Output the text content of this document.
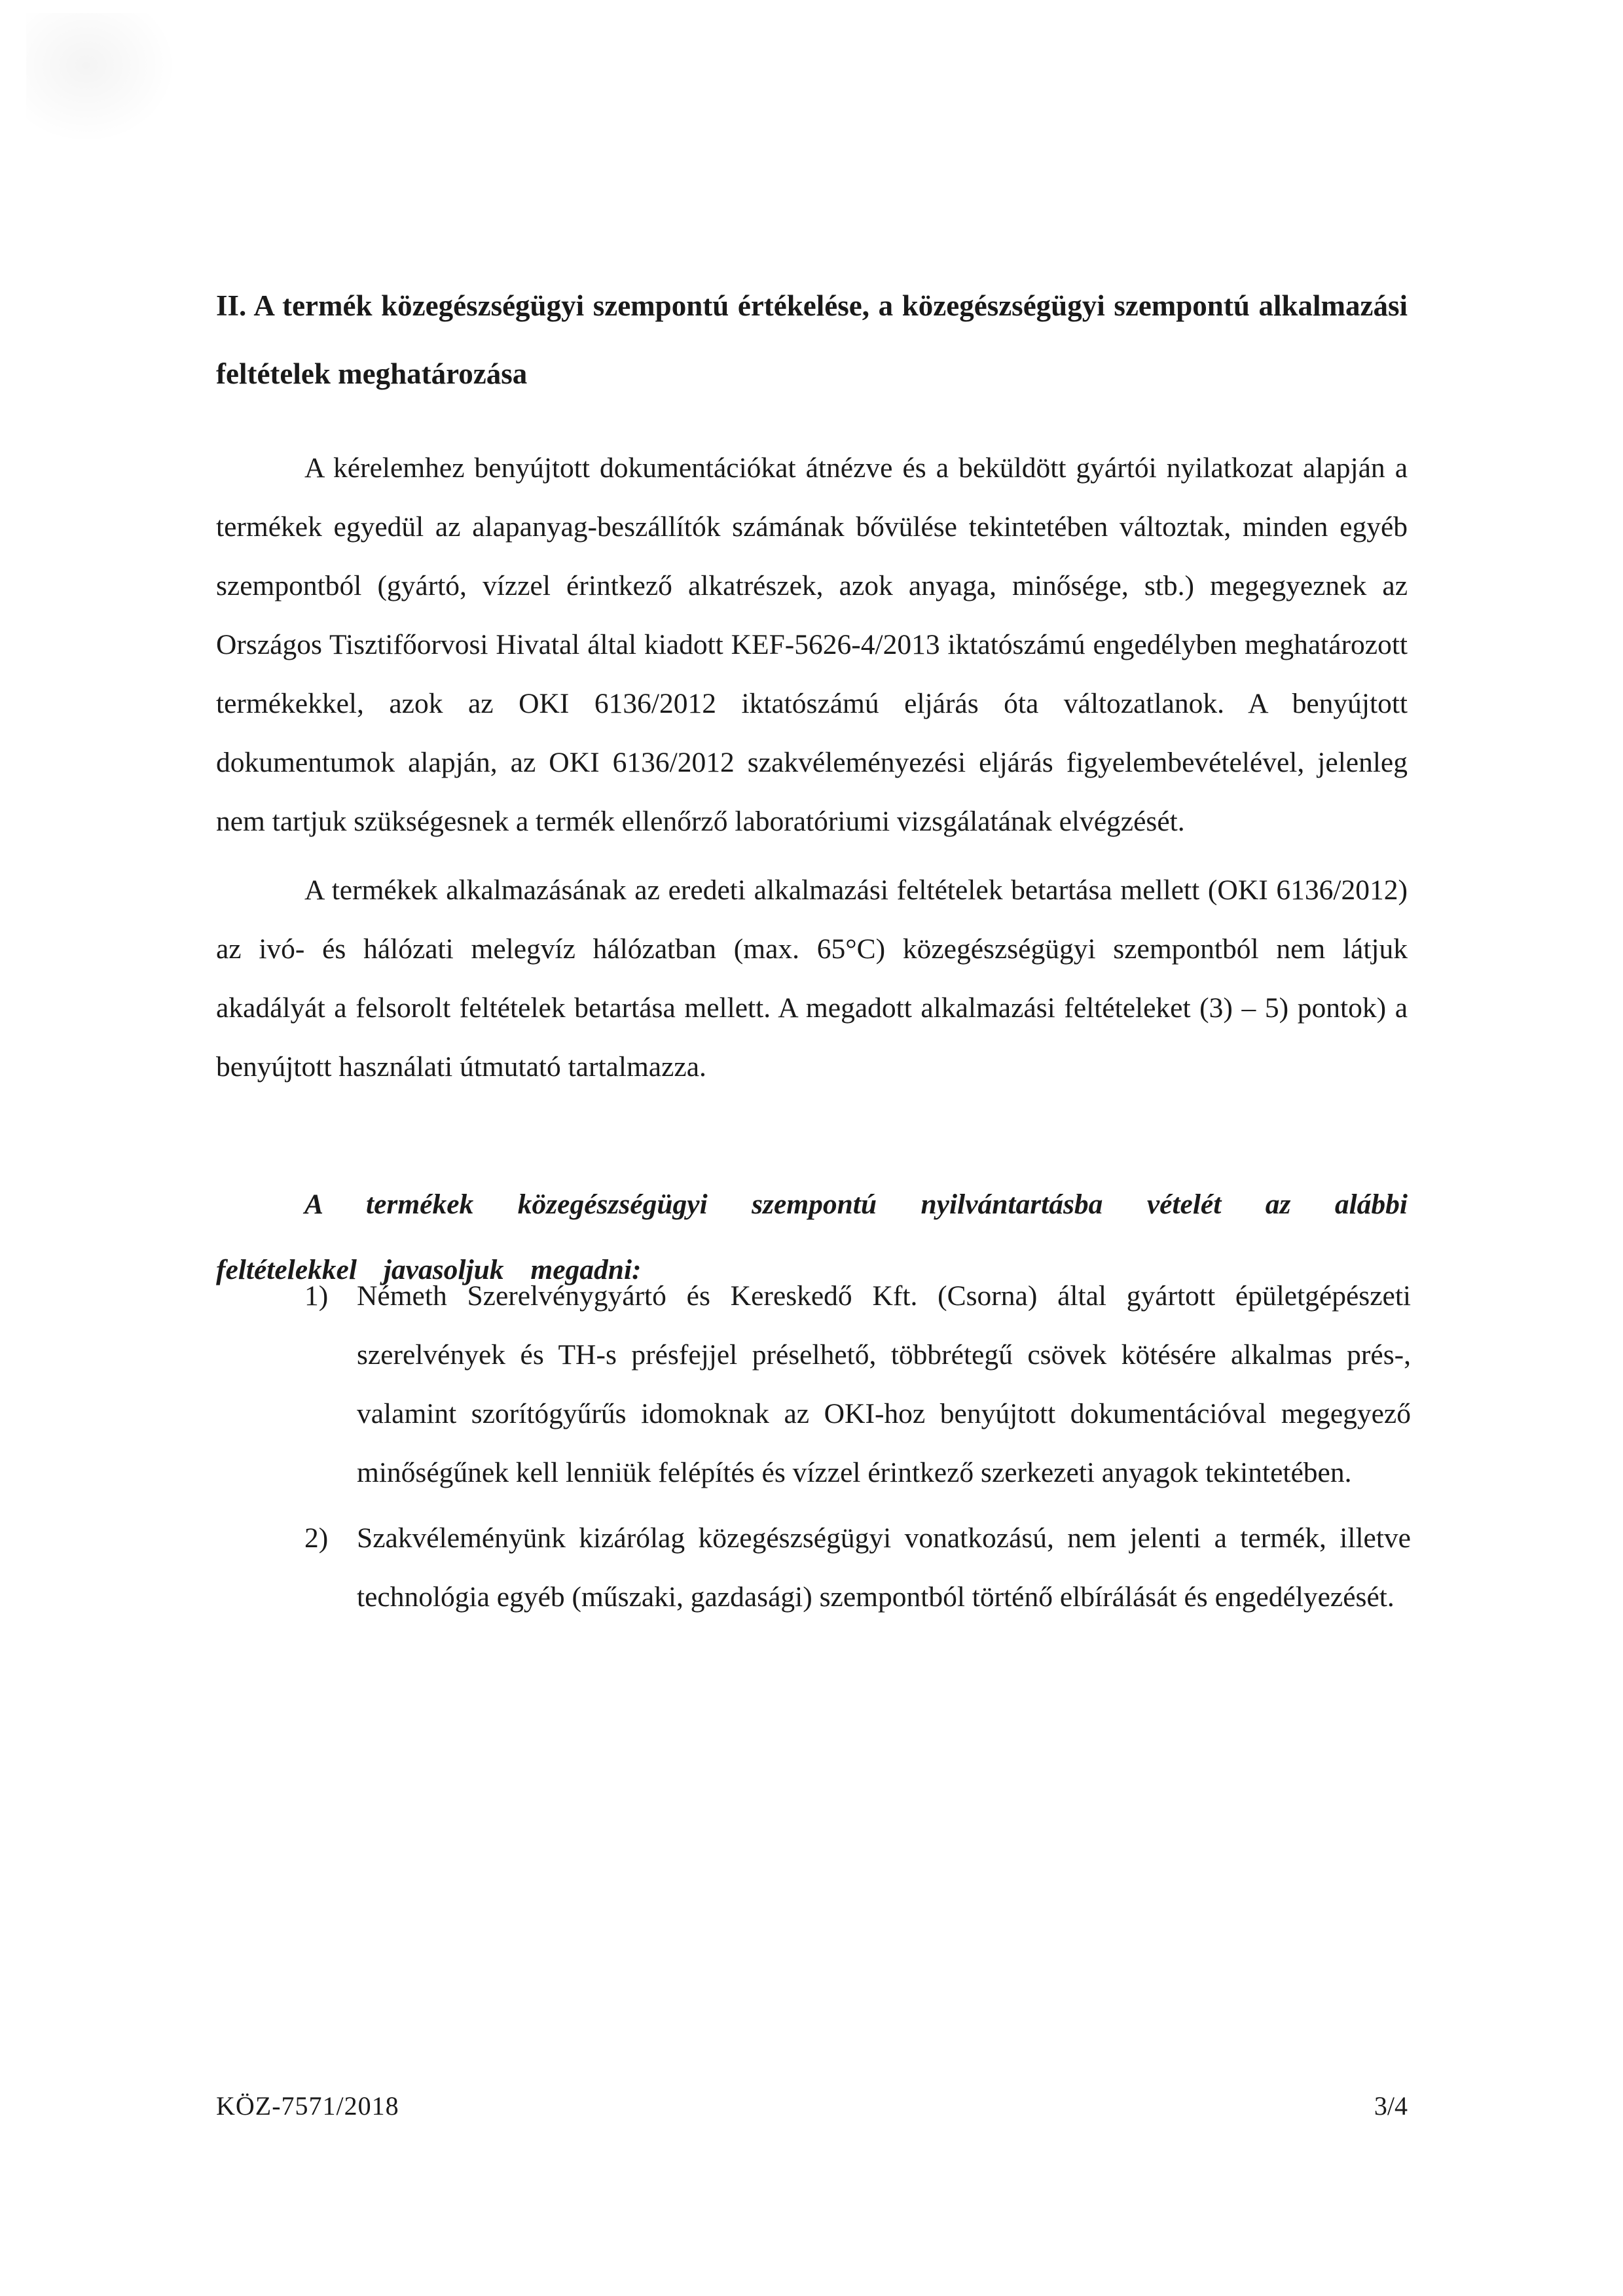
II. A termék közegészségügyi szempontú értékelése, a közegészségügyi szempontú alkalmazási feltételek meghatározása

A kérelemhez benyújtott dokumentációkat átnézve és a beküldött gyártói nyilatkozat alapján a termékek egyedül az alapanyag-beszállítók számának bővülése tekintetében változtak, minden egyéb szempontból (gyártó, vízzel érintkező alkatrészek, azok anyaga, minősége, stb.) megegyeznek az Országos Tisztifőorvosi Hivatal által kiadott KEF-5626-4/2013 iktatószámú engedélyben meghatározott termékekkel, azok az OKI 6136/2012 iktatószámú eljárás óta változatlanok. A benyújtott dokumentumok alapján, az OKI 6136/2012 szakvéleményezési eljárás figyelembevételével, jelenleg nem tartjuk szükségesnek a termék ellenőrző laboratóriumi vizsgálatának elvégzését.

A termékek alkalmazásának az eredeti alkalmazási feltételek betartása mellett (OKI 6136/2012) az ivó- és hálózati melegvíz hálózatban (max. 65°C) közegészségügyi szempontból nem látjuk akadályát a felsorolt feltételek betartása mellett. A megadott alkalmazási feltételeket (3) – 5) pontok) a benyújtott használati útmutató tartalmazza.

A termékek közegészségügyi szempontú nyilvántartásba vételét az alábbi feltételekkel javasoljuk megadni:

1) Németh Szerelvénygyártó és Kereskedő Kft. (Csorna) által gyártott épületgépészeti szerelvények és TH-s présfejjel préselhető, többrétegű csövek kötésére alkalmas prés-, valamint szorítógyűrűs idomoknak az OKI-hoz benyújtott dokumentációval megegyező minőségűnek kell lenniük felépítés és vízzel érintkező szerkezeti anyagok tekintetében.
2) Szakvéleményünk kizárólag közegészségügyi vonatkozású, nem jelenti a termék, illetve technológia egyéb (műszaki, gazdasági) szempontból történő elbírálását és engedélyezését.
KÖZ-7571/2018	3/4
